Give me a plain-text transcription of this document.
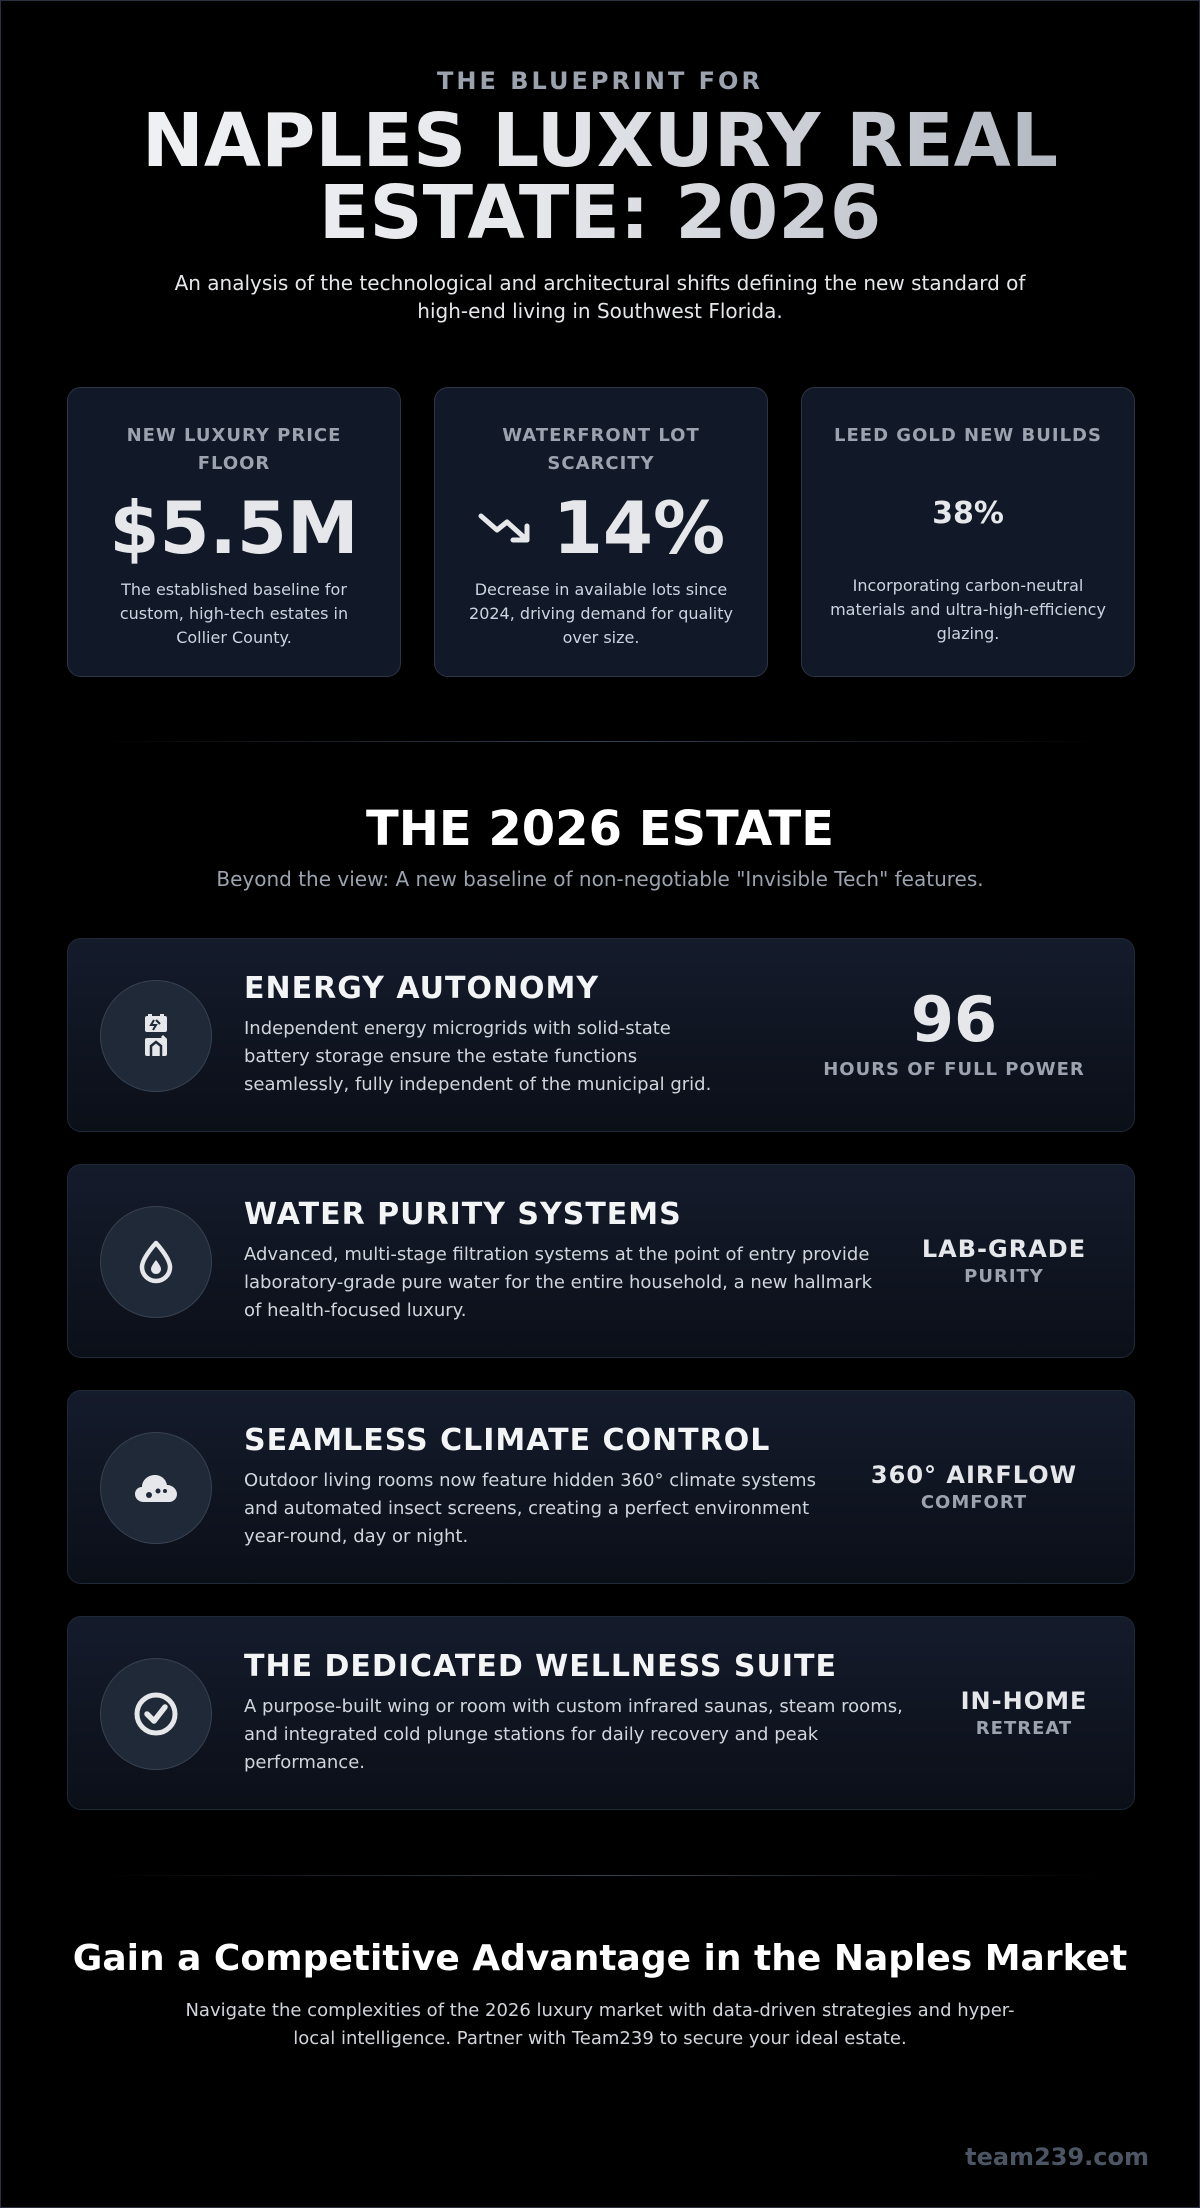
THE BLUEPRINT FOR
NAPLES LUXURY REAL
ESTATE: 2026
An analysis of the technological and architectural shifts defining the new standard of high-end living in Southwest Florida.
NEW LUXURY PRICE FLOOR
$5.5M
The established baseline for custom, high-tech estates in Collier County.
WATERFRONT LOT SCARCITY
14%
Decrease in available lots since 2024, driving demand for quality over size.
LEED GOLD NEW BUILDS
38%
Incorporating carbon-neutral materials and ultra-high-efficiency glazing.
THE 2026 ESTATE
Beyond the view: A new baseline of non-negotiable "Invisible Tech" features.
ENERGY AUTONOMY
Independent energy microgrids with solid-state battery storage ensure the estate functions seamlessly, fully independent of the municipal grid.
96
HOURS OF FULL POWER
WATER PURITY SYSTEMS
Advanced, multi-stage filtration systems at the point of entry provide laboratory-grade pure water for the entire household, a new hallmark of health-focused luxury.
LAB-GRADE
PURITY
SEAMLESS CLIMATE CONTROL
Outdoor living rooms now feature hidden 360° climate systems and automated insect screens, creating a perfect environment year-round, day or night.
360° AIRFLOW
COMFORT
THE DEDICATED WELLNESS SUITE
A purpose-built wing or room with custom infrared saunas, steam rooms, and integrated cold plunge stations for daily recovery and peak performance.
IN-HOME
RETREAT
Gain a Competitive Advantage in the Naples Market
Navigate the complexities of the 2026 luxury market with data-driven strategies and hyper-local intelligence. Partner with Team239 to secure your ideal estate.
team239.com
